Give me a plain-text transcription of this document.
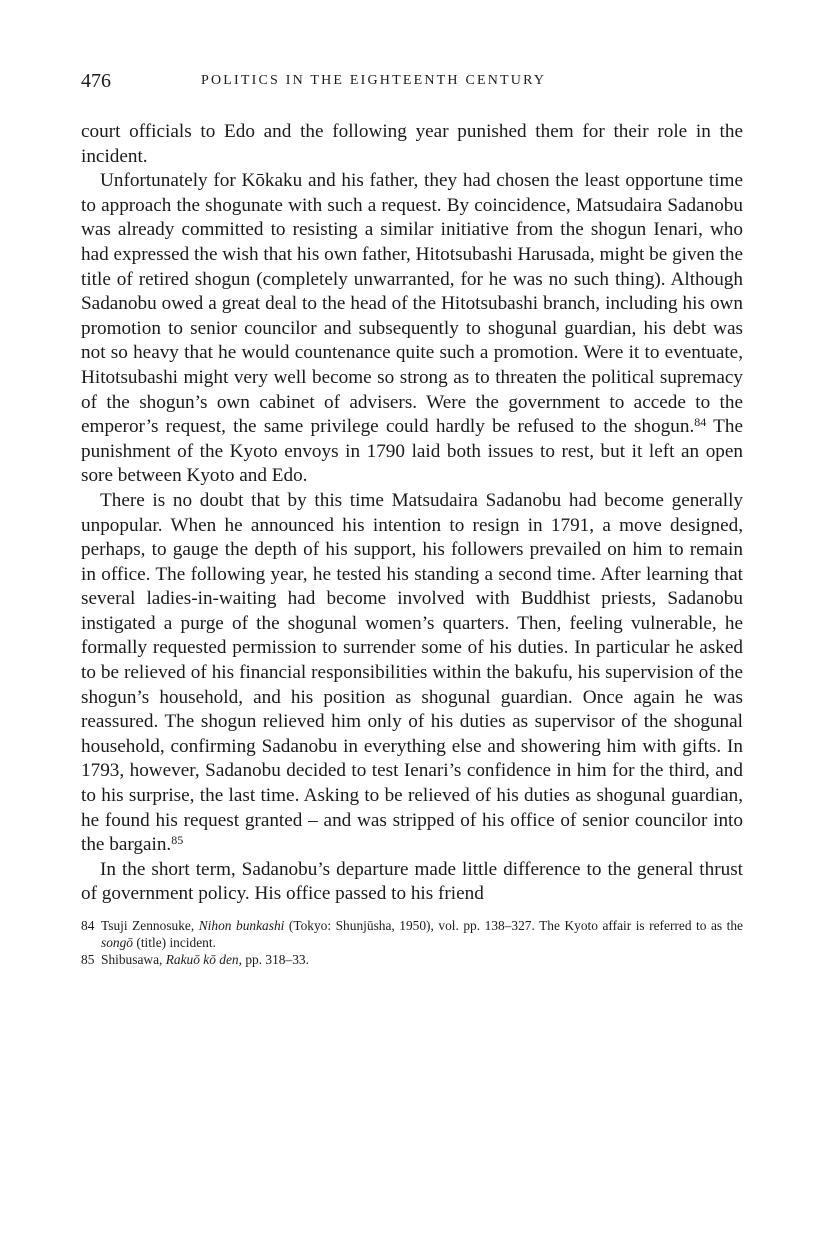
476	POLITICS IN THE EIGHTEENTH CENTURY

court officials to Edo and the following year punished them for their role in the incident.

Unfortunately for Kōkaku and his father, they had chosen the least opportune time to approach the shogunate with such a request. By coincidence, Matsudaira Sadanobu was already committed to resisting a similar initiative from the shogun Ienari, who had expressed the wish that his own father, Hitotsubashi Harusada, might be given the title of retired shogun (completely unwarranted, for he was no such thing). Although Sadanobu owed a great deal to the head of the Hitotsubashi branch, including his own promotion to senior councilor and subsequently to shogunal guardian, his debt was not so heavy that he would countenance quite such a promotion. Were it to eventuate, Hitotsubashi might very well become so strong as to threaten the political supremacy of the shogun’s own cabinet of advisers. Were the government to accede to the emperor’s request, the same privilege could hardly be refused to the shogun.$^{84}$ The punishment of the Kyoto envoys in 1790 laid both issues to rest, but it left an open sore between Kyoto and Edo.

There is no doubt that by this time Matsudaira Sadanobu had become generally unpopular. When he announced his intention to resign in 1791, a move designed, perhaps, to gauge the depth of his support, his followers prevailed on him to remain in office. The following year, he tested his standing a second time. After learning that several ladies-in-waiting had become involved with Buddhist priests, Sadanobu instigated a purge of the shogunal women’s quarters. Then, feeling vulnerable, he formally requested permission to surrender some of his duties. In particular he asked to be relieved of his financial responsibilities within the bakufu, his supervision of the shogun’s household, and his position as shogunal guardian. Once again he was reassured. The shogun relieved him only of his duties as supervisor of the shogunal household, confirming Sadanobu in everything else and showering him with gifts. In 1793, however, Sadanobu decided to test Ienari’s confidence in him for the third, and to his surprise, the last time. Asking to be relieved of his duties as shogunal guardian, he found his request granted – and was stripped of his office of senior councilor into the bargain.$^{85}$

In the short term, Sadanobu’s departure made little difference to the general thrust of government policy. His office passed to his friend

84 Tsuji Zennosuke, Nihon bunkashi (Tokyo: Shunjūsha, 1950), vol. pp. 138–327. The Kyoto affair is referred to as the songō (title) incident.
85 Shibusawa, Rakuō kō den, pp. 318–33.
